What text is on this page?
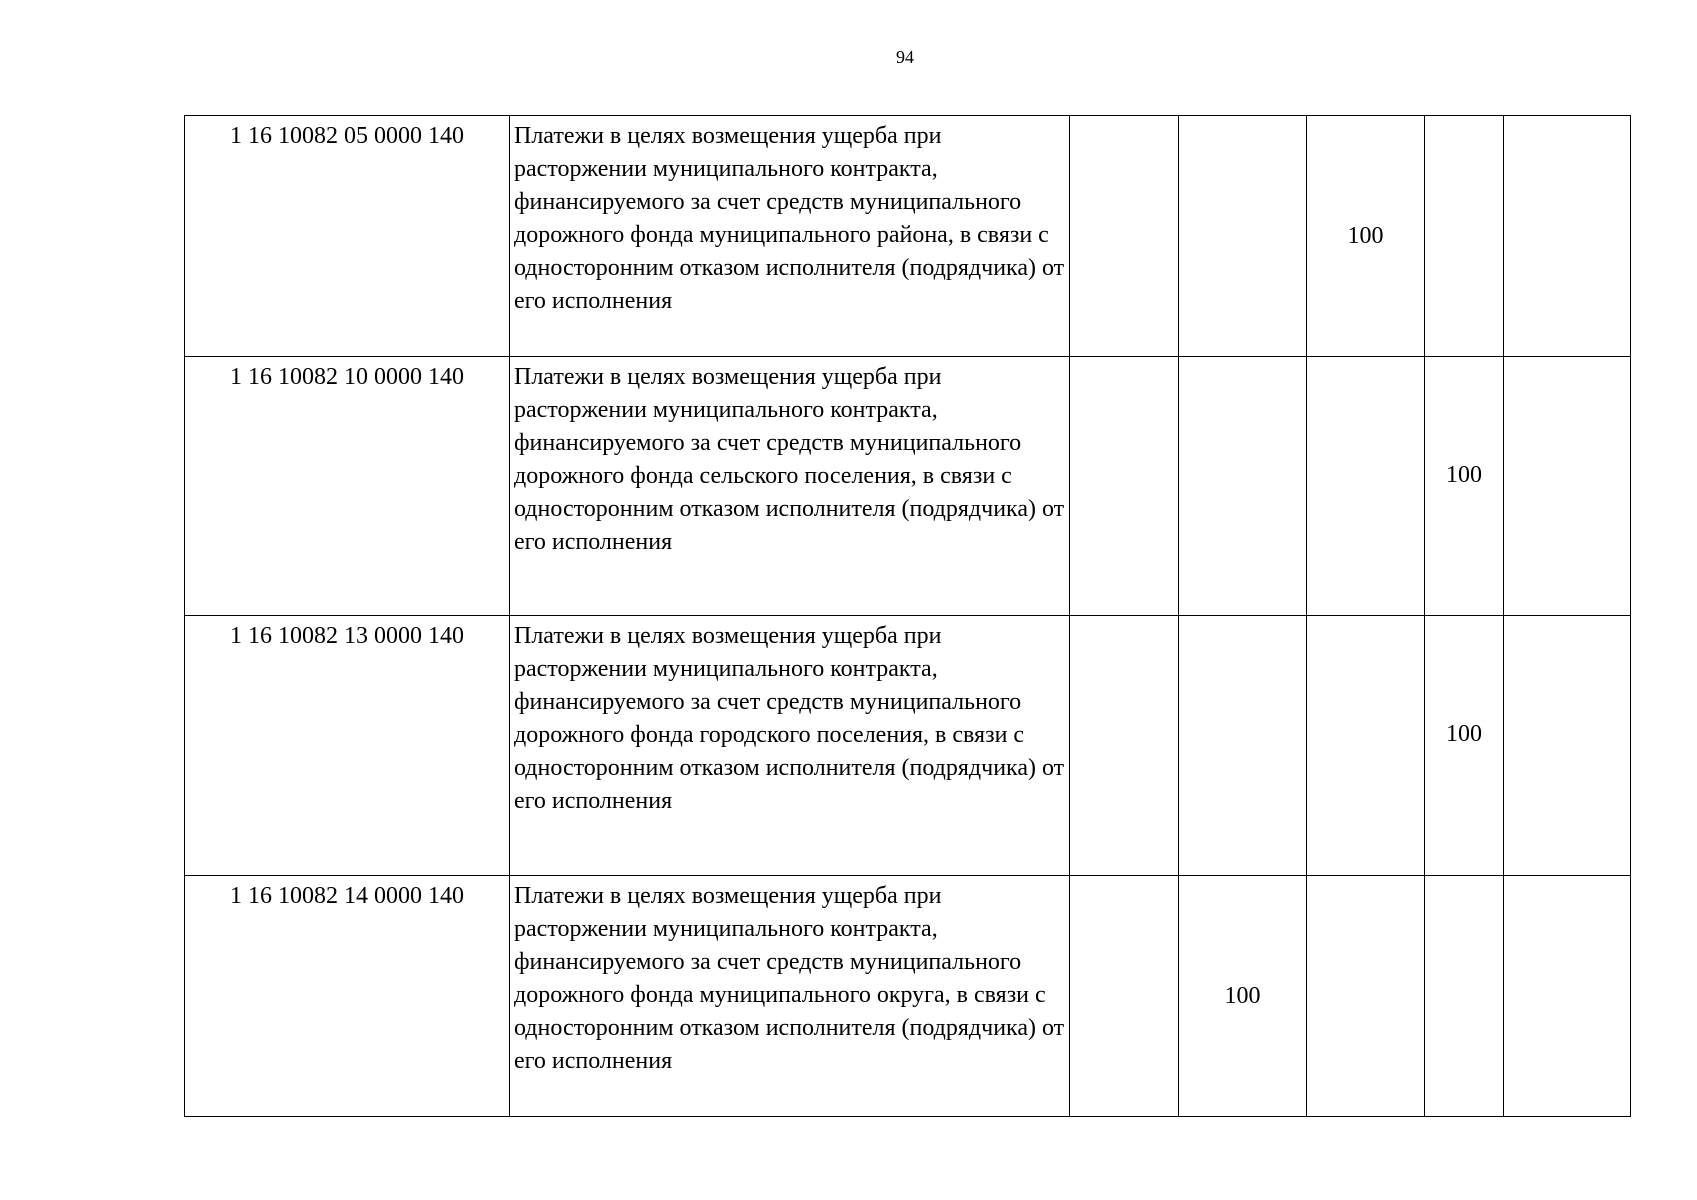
94
1 16 10082 05 0000 140	Платежи в целях возмещения ущерба при расторжении муниципального контракта, финансируемого за счет средств муниципального дорожного фонда муниципального района, в связи с односторонним отказом исполнителя (подрядчика) от его исполнения			100		
1 16 10082 10 0000 140	Платежи в целях возмещения ущерба при расторжении муниципального контракта, финансируемого за счет средств муниципального дорожного фонда сельского поселения, в связи с односторонним отказом исполнителя (подрядчика) от его исполнения				100	
1 16 10082 13 0000 140	Платежи в целях возмещения ущерба при расторжении муниципального контракта, финансируемого за счет средств муниципального дорожного фонда городского поселения, в связи с односторонним отказом исполнителя (подрядчика) от его исполнения				100	
1 16 10082 14 0000 140	Платежи в целях возмещения ущерба при расторжении муниципального контракта, финансируемого за счет средств муниципального дорожного фонда муниципального округа, в связи с односторонним отказом исполнителя (подрядчика) от его исполнения		100			
